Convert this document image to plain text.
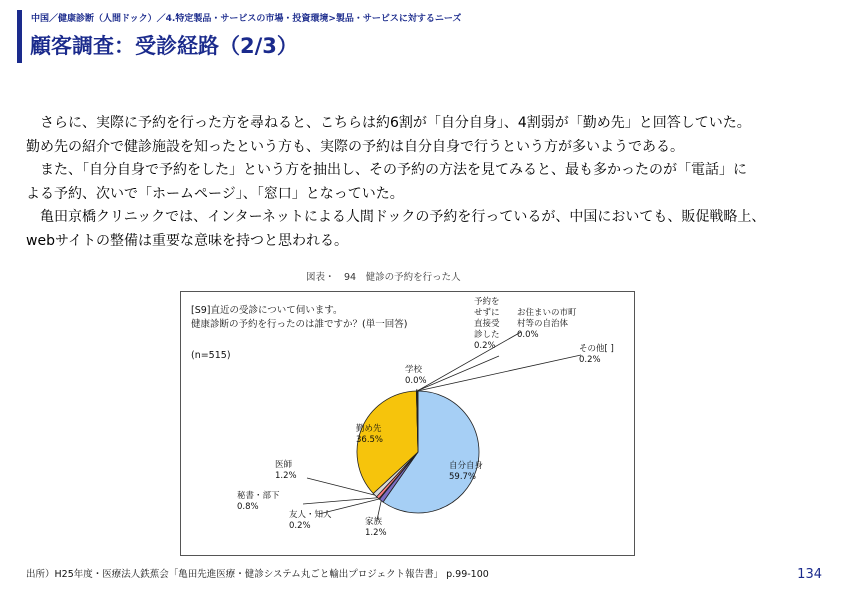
中国／健康診断（人間ドック）／4.特定製品・サービスの市場・投資環境>製品・サービスに対するニーズ
顧客調査：受診経路（2/3）

　さらに、実際に予約を行った方を尋ねると、こちらは約6割が「自分自身」、4割弱が「勤め先」と回答していた。

勤め先の紹介で健診施設を知ったという方も、実際の予約は自分自身で行うという方が多いようである。

　また、「自分自身で予約をした」という方を抽出し、その予約の方法を見てみると、最も多かったのが「電話」に

よる予約、次いで「ホームページ」、「窓口」となっていた。

　亀田京橋クリニックでは、インターネットによる人間ドックの予約を行っているが、中国においても、販促戦略上、

webサイトの整備は重要な意味を持つと思われる。

図表・　94　健診の予約を行った人
[S9]直近の受診について伺います。
健康診断の予約を行ったのは誰ですか？(単一回答)
(n=515)
自分自身
59.7%
家族
1.2%
友人・知人
0.2%
秘書・部下
0.8%
医師
1.2%
勤め先
36.5%
学校
0.0%
予約を
せずに
直接受
診した
0.2%
お住まいの市町
村等の自治体
0.0%
その他[ ]
0.2%
出所）H25年度・医療法人鉄蕉会「亀田先進医療・健診システム丸ごと輸出プロジェクト報告書」 p.99-100	134
